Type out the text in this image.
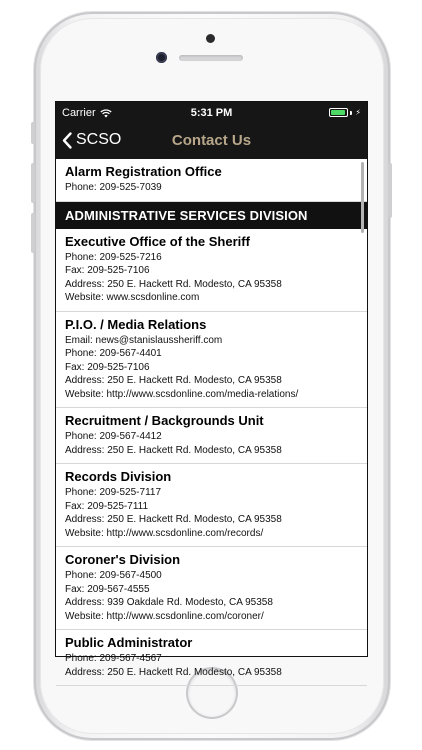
Carrier	5:31 PM	⚡
SCSO	Contact Us
Alarm Registration Office
Phone: 209-525-7039
ADMINISTRATIVE SERVICES DIVISION
Executive Office of the Sheriff
Phone: 209-525-7216
Fax: 209-525-7106
Address: 250 E. Hackett Rd. Modesto, CA 95358
Website: www.scsdonline.com
P.I.O. / Media Relations
Email: news@stanislaussheriff.com
Phone: 209-567-4401
Fax: 209-525-7106
Address: 250 E. Hackett Rd. Modesto, CA 95358
Website: http://www.scsdonline.com/media-relations/
Recruitment / Backgrounds Unit
Phone: 209-567-4412
Address: 250 E. Hackett Rd. Modesto, CA 95358
Records Division
Phone: 209-525-7117
Fax: 209-525-7111
Address: 250 E. Hackett Rd. Modesto, CA 95358
Website: http://www.scsdonline.com/records/
Coroner's Division
Phone: 209-567-4500
Fax: 209-567-4555
Address: 939 Oakdale Rd. Modesto, CA 95358
Website: http://www.scsdonline.com/coroner/
Public Administrator
Phone: 209-567-4567
Address: 250 E. Hackett Rd. Modesto, CA 95358
